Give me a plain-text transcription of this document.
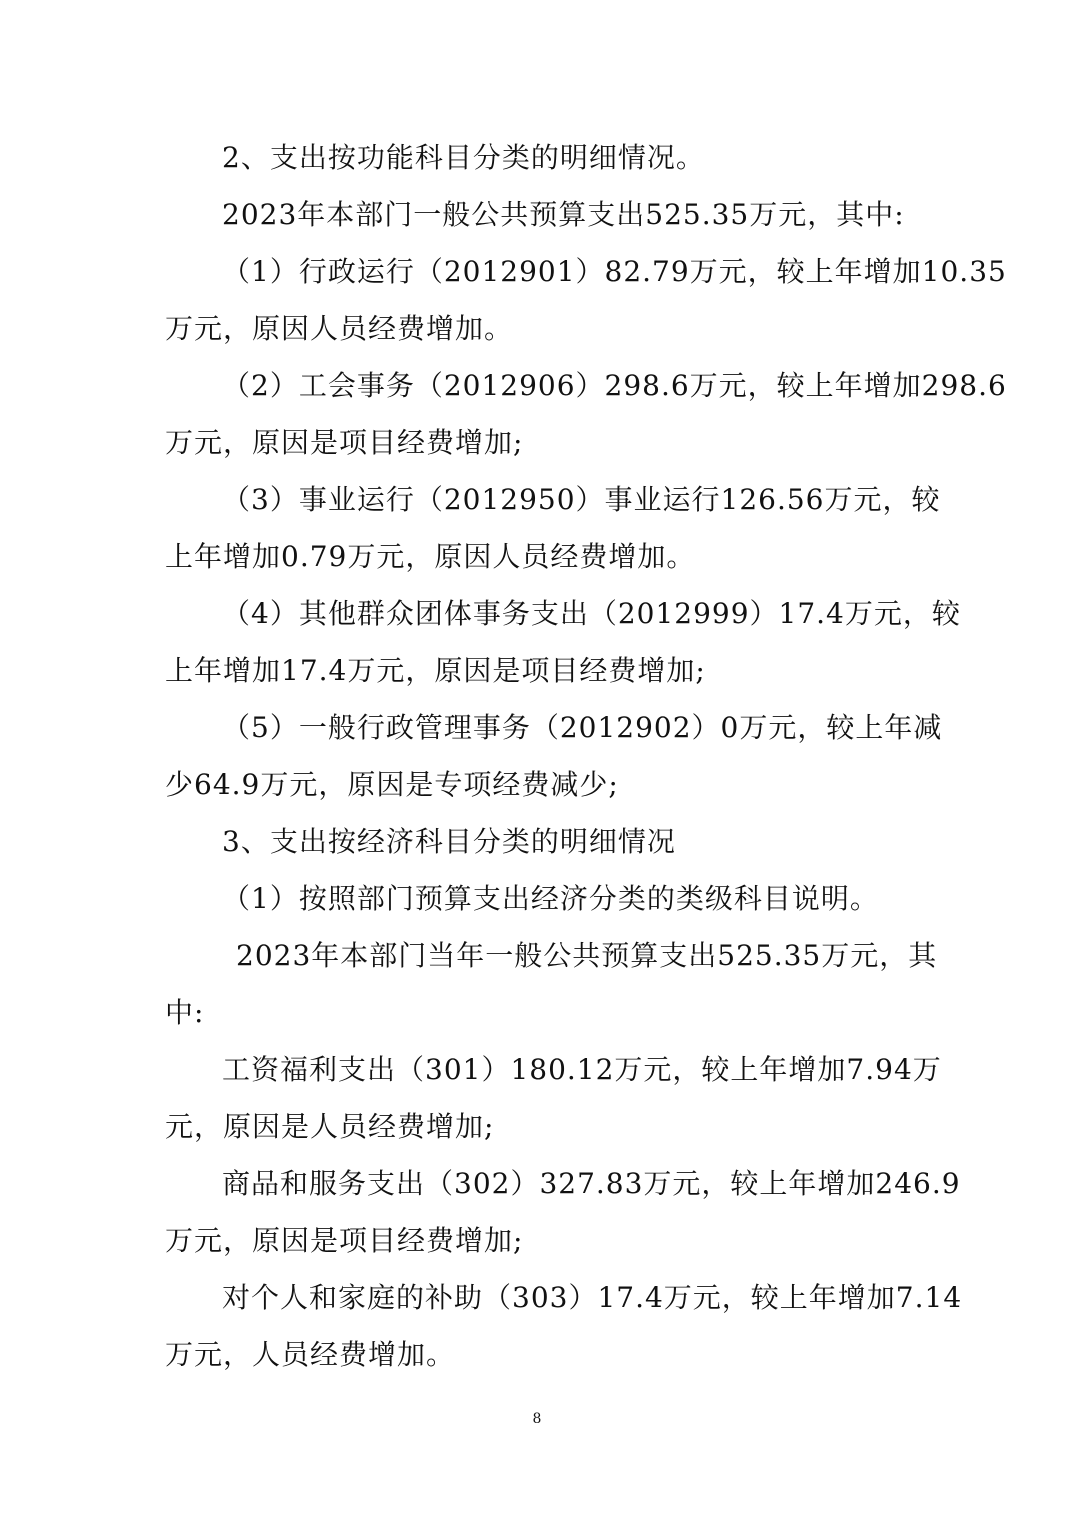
2、支出按功能科目分类的明细情况。
2023年本部门一般公共预算支出525.35万元，其中:
（1）行政运行（2012901）82.79万元，较上年增加10.35
万元，原因人员经费增加。
（2）工会事务（2012906）298.6万元，较上年增加298.6
万元，原因是项目经费增加;
（3）事业运行（2012950）事业运行126.56万元，较
上年增加0.79万元，原因人员经费增加。
（4）其他群众团体事务支出（2012999）17.4万元，较
上年增加17.4万元，原因是项目经费增加;
（5）一般行政管理事务（2012902）0万元，较上年减
少64.9万元，原因是专项经费减少;
3、支出按经济科目分类的明细情况
（1）按照部门预算支出经济分类的类级科目说明。
2023年本部门当年一般公共预算支出525.35万元，其
中:
工资福利支出（301）180.12万元，较上年增加7.94万
元，原因是人员经费增加;
商品和服务支出（302）327.83万元，较上年增加246.9
万元，原因是项目经费增加;
对个人和家庭的补助（303）17.4万元，较上年增加7.14
万元，人员经费增加。
8
